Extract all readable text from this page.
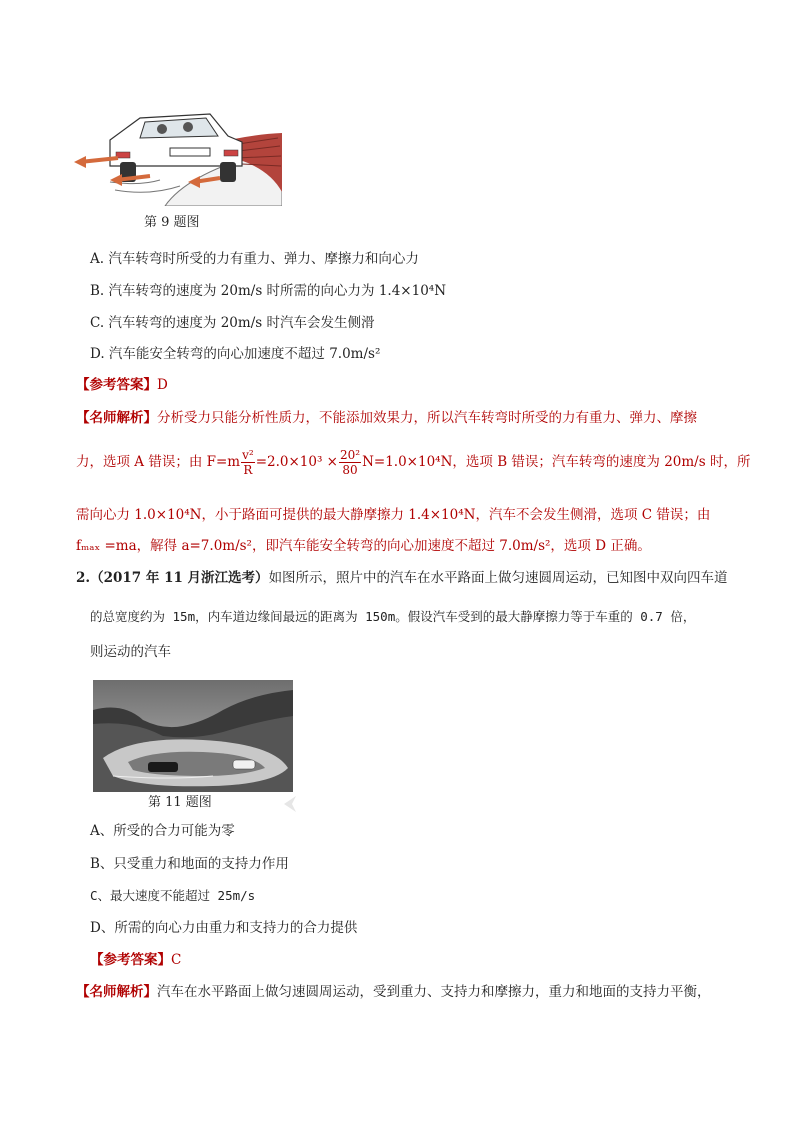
第 9 题图
A. 汽车转弯时所受的力有重力、弹力、摩擦力和向心力
B. 汽车转弯的速度为 20m/s 时所需的向心力为 1.4×10⁴N
C. 汽车转弯的速度为 20m/s 时汽车会发生侧滑
D. 汽车能安全转弯的向心加速度不超过 7.0m/s²
【参考答案】D
【名师解析】分析受力只能分析性质力，不能添加效果力，所以汽车转弯时所受的力有重力、弹力、摩擦
力，选项 A 错误；由 $F=m \frac{\text{v²}}{R} =2.0\times 10^3 \times \frac{\text{20²}}{80} N=1.0\times 10^4N$，选项 B 错误；汽车转弯的速度为 20m/s 时，所
需向心力 1.0×10⁴N，小于路面可提供的最大静摩擦力 1.4×10⁴N，汽车不会发生侧滑，选项 C 错误；由
fₘₐₓ =ma，解得 a=7.0m/s²，即汽车能安全转弯的向心加速度不超过 7.0m/s²，选项 D 正确。
2.（2017 年 11 月浙江选考）如图所示，照片中的汽车在水平路面上做匀速圆周运动，已知图中双向四车道
的总宽度约为 15m，内车道边缘间最远的距离为 150m。假设汽车受到的最大静摩擦力等于车重的 0.7 倍，
则运动的汽车
第 11 题图
A、所受的合力可能为零
B、只受重力和地面的支持力作用
C、最大速度不能超过 25m/s
D、所需的向心力由重力和支持力的合力提供
【参考答案】C
【名师解析】汽车在水平路面上做匀速圆周运动，受到重力、支持力和摩擦力，重力和地面的支持力平衡，
